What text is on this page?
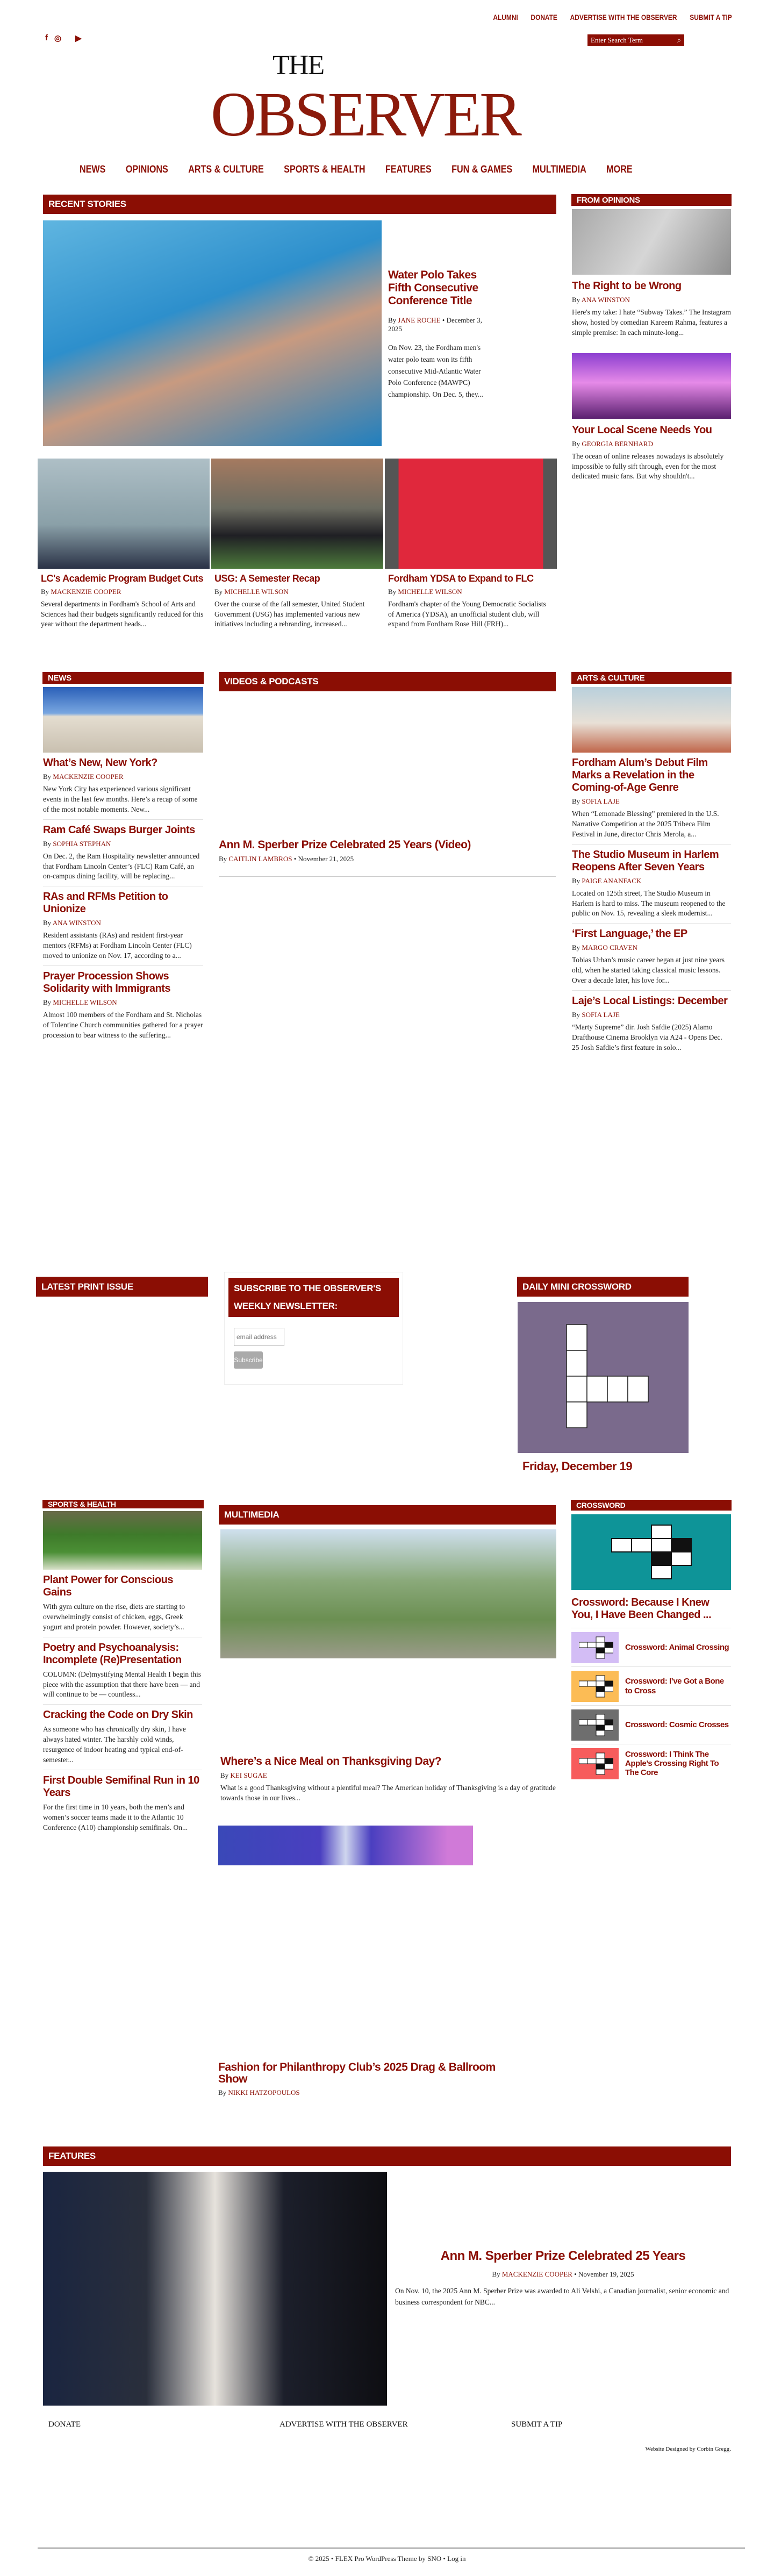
ALUMNI DONATE ADVERTISE WITH THE OBSERVER SUBMIT A TIP
f ◎ ▶
Enter Search Term	⌕
THE
OBSERVER
NEWS OPINIONS ARTS & CULTURE SPORTS & HEALTH FEATURES FUN & GAMES MULTIMEDIA MORE
RECENT STORIES
Water Polo Takes Fifth Consecutive Conference Title
By JANE ROCHE • December 3, 2025
On Nov. 23, the Fordham men's water polo team won its fifth consecutive Mid-Atlantic Water Polo Conference (MAWPC) championship. On Dec. 5, they...
LC's Academic Program Budget Cuts
By MACKENZIE COOPER
Several departments in Fordham's School of Arts and Sciences had their budgets significantly reduced for this year without the department heads...
USG: A Semester Recap
By MICHELLE WILSON
Over the course of the fall semester, United Student Government (USG) has implemented various new initiatives including a rebranding, increased...
Fordham YDSA to Expand to FLC
By MICHELLE WILSON
Fordham's chapter of the Young Democratic Socialists of America (YDSA), an unofficial student club, will expand from Fordham Rose Hill (FRH)...
FROM OPINIONS
The Right to be Wrong
By ANA WINSTON
Here's my take: I hate “Subway Takes.” The Instagram show, hosted by comedian Kareem Rahma, features a simple premise: In each minute-long...
Your Local Scene Needs You
By GEORGIA BERNHARD
The ocean of online releases nowadays is absolutely impossible to fully sift through, even for the most dedicated music fans. But why shouldn't...
NEWS
What’s New, New York?
By MACKENZIE COOPER
New York City has experienced various significant events in the last few months. Here’s a recap of some of the most notable moments. New...
Ram Café Swaps Burger Joints
By SOPHIA STEPHAN
On Dec. 2, the Ram Hospitality newsletter announced that Fordham Lincoln Center’s (FLC) Ram Café, an on-campus dining facility, will be replacing...
RAs and RFMs Petition to Unionize
By ANA WINSTON
Resident assistants (RAs) and resident first-year mentors (RFMs) at Fordham Lincoln Center (FLC) moved to unionize on Nov. 17, according to a...
Prayer Procession Shows Solidarity with Immigrants
By MICHELLE WILSON
Almost 100 members of the Fordham and St. Nicholas of Tolentine Church communities gathered for a prayer procession to bear witness to the suffering...
VIDEOS & PODCASTS
Ann M. Sperber Prize Celebrated 25 Years (Video)
By CAITLIN LAMBROS • November 21, 2025
ARTS & CULTURE
Fordham Alum’s Debut Film Marks a Revelation in the Coming-of-Age Genre
By SOFIA LAJE
When “Lemonade Blessing” premiered in the U.S. Narrative Competition at the 2025 Tribeca Film Festival in June, director Chris Merola, a...
The Studio Museum in Harlem Reopens After Seven Years
By PAIGE ANANFACK
Located on 125th street, The Studio Museum in Harlem is hard to miss. The museum reopened to the public on Nov. 15, revealing a sleek modernist...
‘First Language,’ the EP
By MARGO CRAVEN
Tobias Urban’s music career began at just nine years old, when he started taking classical music lessons. Over a decade later, his love for...
Laje’s Local Listings: December
By SOFIA LAJE
“Marty Supreme” dir. Josh Safdie (2025) Alamo Drafthouse Cinema Brooklyn via A24 - Opens Dec. 25 Josh Safdie’s first feature in solo...
LATEST PRINT ISSUE	SUBSCRIBE TO THE OBSERVER'S WEEKLY NEWSLETTER:
email address
Subscribe
DAILY MINI CROSSWORD
Friday, December 19
SPORTS & HEALTH
Plant Power for Conscious Gains
With gym culture on the rise, diets are starting to overwhelmingly consist of chicken, eggs, Greek yogurt and protein powder. However, society’s...
Poetry and Psychoanalysis: Incomplete (Re)Presentation
COLUMN: (De)mystifying Mental Health I begin this piece with the assumption that there have been — and will continue to be — countless...
Cracking the Code on Dry Skin
As someone who has chronically dry skin, I have always hated winter. The harshly cold winds, resurgence of indoor heating and typical end-of-semester...
First Double Semifinal Run in 10 Years
For the first time in 10 years, both the men’s and women’s soccer teams made it to the Atlantic 10 Conference (A10) championship semifinals. On...
MULTIMEDIA
Where’s a Nice Meal on Thanksgiving Day?
By KEI SUGAE
What is a good Thanksgiving without a plentiful meal? The American holiday of Thanksgiving is a day of gratitude towards those in our lives...
Fashion for Philanthropy Club’s 2025 Drag & Ballroom Show
By NIKKI HATZOPOULOS
CROSSWORD
Crossword: Because I Knew You, I Have Been Changed ...
Crossword: Animal Crossing
Crossword: I’ve Got a Bone to Cross
Crossword: Cosmic Crosses
Crossword: I Think The Apple’s Crossing Right To The Core
FEATURES
Ann M. Sperber Prize Celebrated 25 Years
By MACKENZIE COOPER • November 19, 2025
On Nov. 10, the 2025 Ann M. Sperber Prize was awarded to Ali Velshi, a Canadian journalist, senior economic and business correspondent for NBC...
DONATE	ADVERTISE WITH THE OBSERVER	SUBMIT A TIP
Website Designed by Corbin Gregg.
© 2025 • FLEX Pro WordPress Theme by SNO • Log in
